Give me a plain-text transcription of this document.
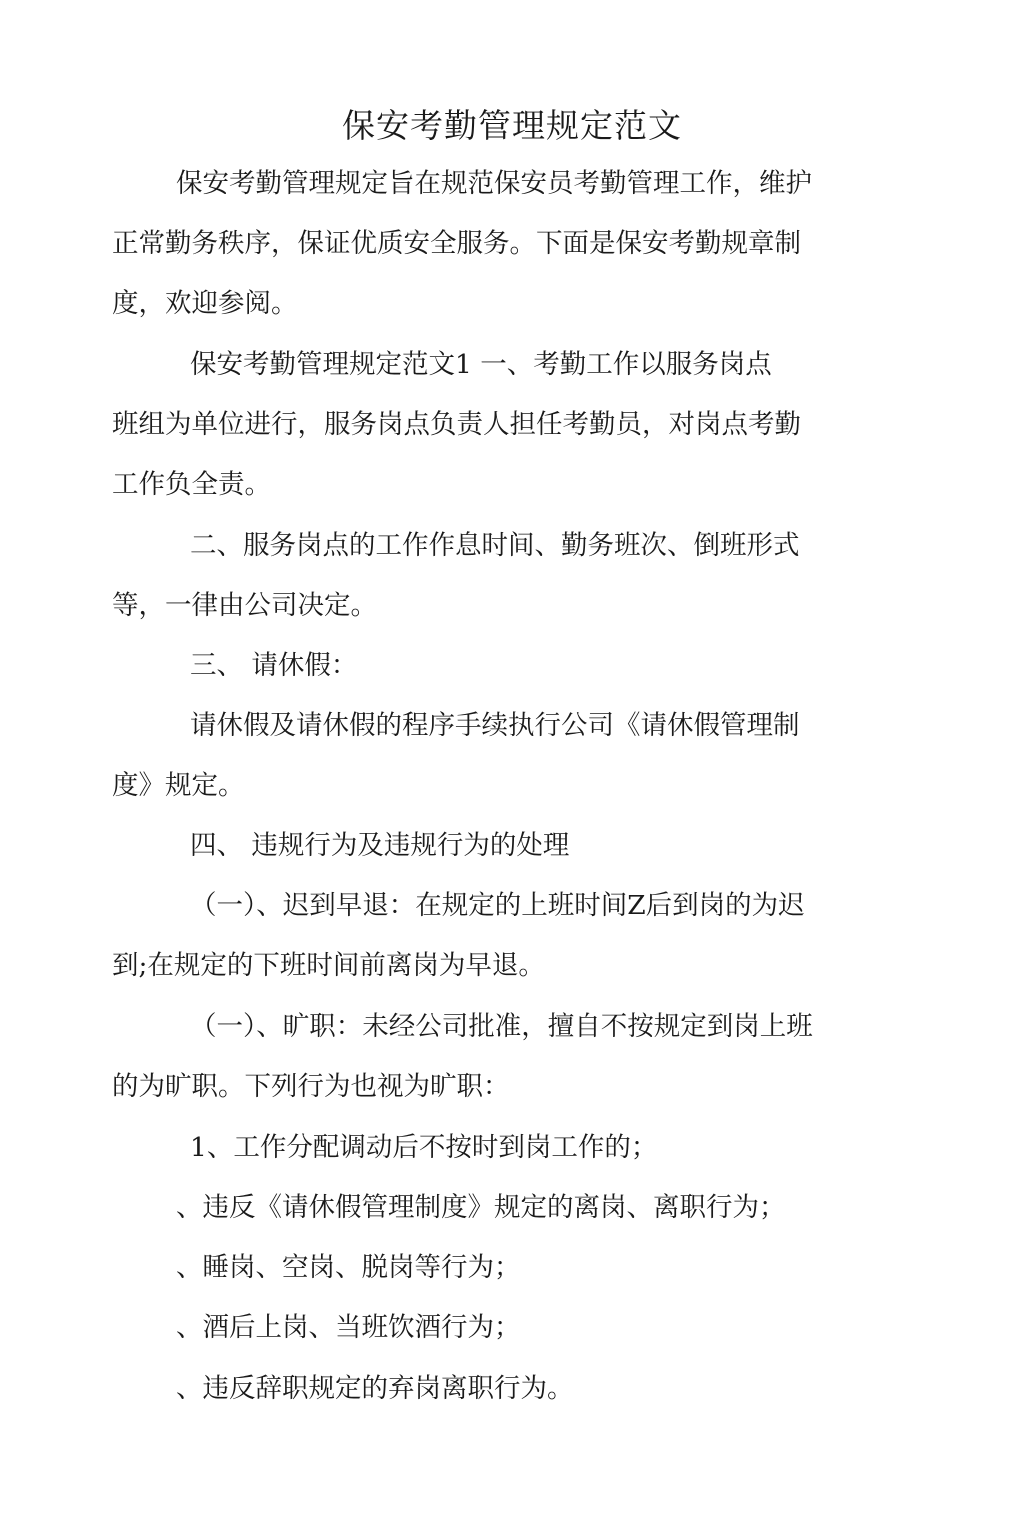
保安考勤管理规定范文
保安考勤管理规定旨在规范保安员考勤管理工作，维护
正常勤务秩序，保证优质安全服务。下面是保安考勤规章制
度，欢迎参阅。
保安考勤管理规定范文1 一、考勤工作以服务岗点
班组为单位进行，服务岗点负责人担任考勤员，对岗点考勤
工作负全责。
二、服务岗点的工作作息时间、勤务班次、倒班形式
等，一律由公司决定。
三、 请休假：
请休假及请休假的程序手续执行公司《请休假管理制
度》规定。
四、 违规行为及违规行为的处理
（一）、迟到早退：在规定的上班时间Z后到岗的为迟
到;在规定的下班时间前离岗为早退。
（一）、旷职：未经公司批准，擅自不按规定到岗上班
的为旷职。下列行为也视为旷职：
1、工作分配调动后不按时到岗工作的；
、违反《请休假管理制度》规定的离岗、离职行为；
、睡岗、空岗、脱岗等行为；
、酒后上岗、当班饮酒行为；
、违反辞职规定的弃岗离职行为。
